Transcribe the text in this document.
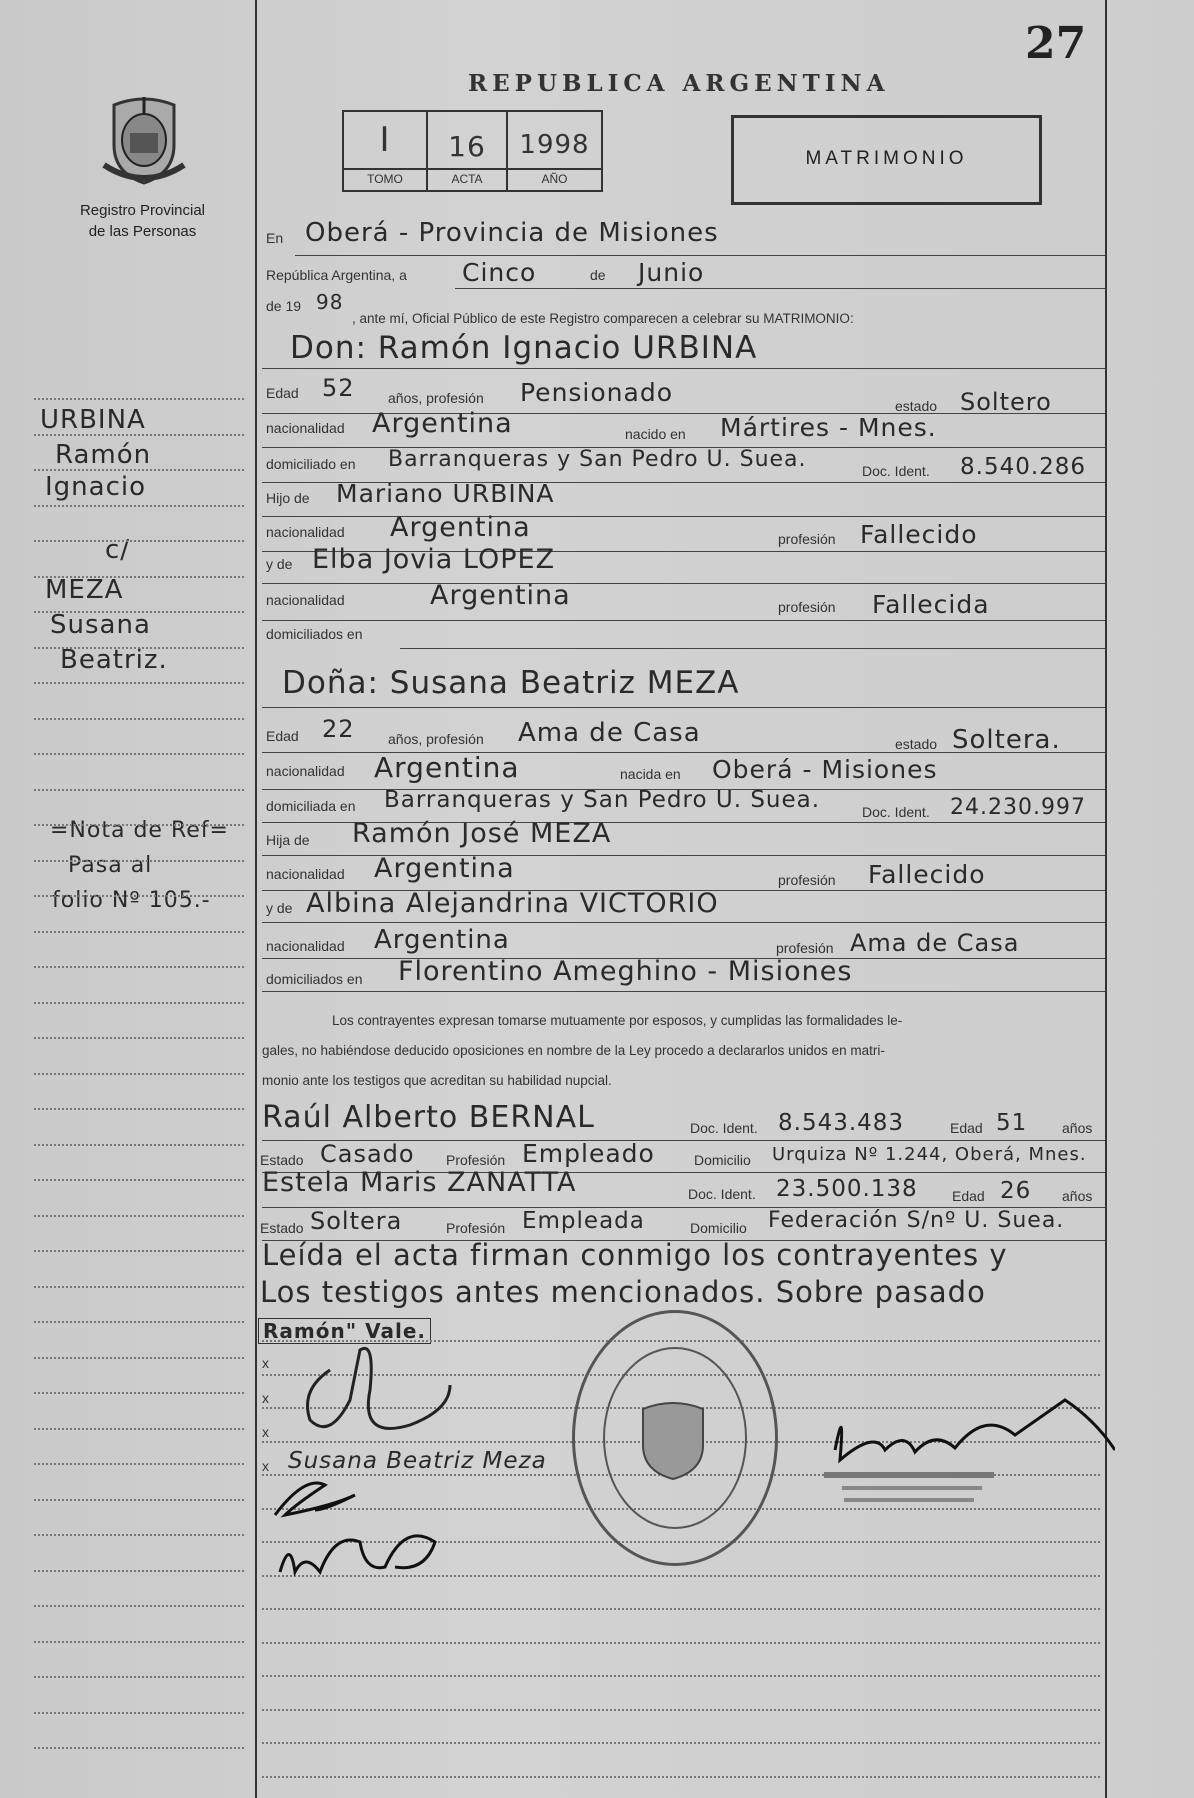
27
Registro Provincial
de las Personas
REPUBLICA ARGENTINA
I	16	1998
TOMO	ACTA	AÑO
MATRIMONIO
En Oberá - Provincia de Misiones
República Argentina, a Cinco	de Junio
de 19 98
, ante mí, Oficial Público de este Registro comparecen a celebrar su MATRIMONIO:
Don: Ramón Ignacio URBINA
Edad 52 años, profesión Pensionado	estado Soltero
nacionalidad Argentina	nacido en Mártires - Mnes.
domiciliado en Barranqueras y San Pedro U. Suea.	Doc. Ident. 8.540.286
Hijo de Mariano URBINA
nacionalidad Argentina	profesión Fallecido
y de Elba Jovia LOPEZ
nacionalidad	Argentina	profesión Fallecida
domiciliados en
Doña: Susana Beatriz MEZA
Edad 22 años, profesión Ama de Casa	estado Soltera.
nacionalidad Argentina	nacida en Oberá - Misiones
domiciliada en Barranqueras y San Pedro U. Suea.	Doc. Ident. 24.230.997
Hija de Ramón José MEZA
nacionalidad Argentina	profesión Fallecido
y de Albina Alejandrina VICTORIO
nacionalidad Argentina	profesión Ama de Casa
domiciliados en Florentino Ameghino - Misiones
Los contrayentes expresan tomarse mutuamente por esposos, y cumplidas las formalidades le-
gales, no habiéndose deducido oposiciones en nombre de la Ley procedo a declararlos unidos en matri-
monio ante los testigos que acreditan su habilidad nupcial.
Raúl Alberto BERNAL	Doc. Ident. 8.543.483	Edad 51 años
Estado Casado Profesión Empleado	Domicilio Urquiza Nº 1.244, Oberá, Mnes.
Estela Maris ZANATTA	Doc. Ident. 23.500.138 Edad 26 años
Estado Soltera	Profesión Empleada	Domicilio Federación S/nº U. Suea.
Leída el acta firman conmigo los contrayentes y
Los testigos antes mencionados. Sobre pasado
Ramón" Vale.
x
x
x
x Susana Beatriz Meza
URBINA
Ramón
Ignacio
c/
MEZA
Susana
Beatriz.
=Nota de Ref=
Pasa al
folio Nº 105.-
